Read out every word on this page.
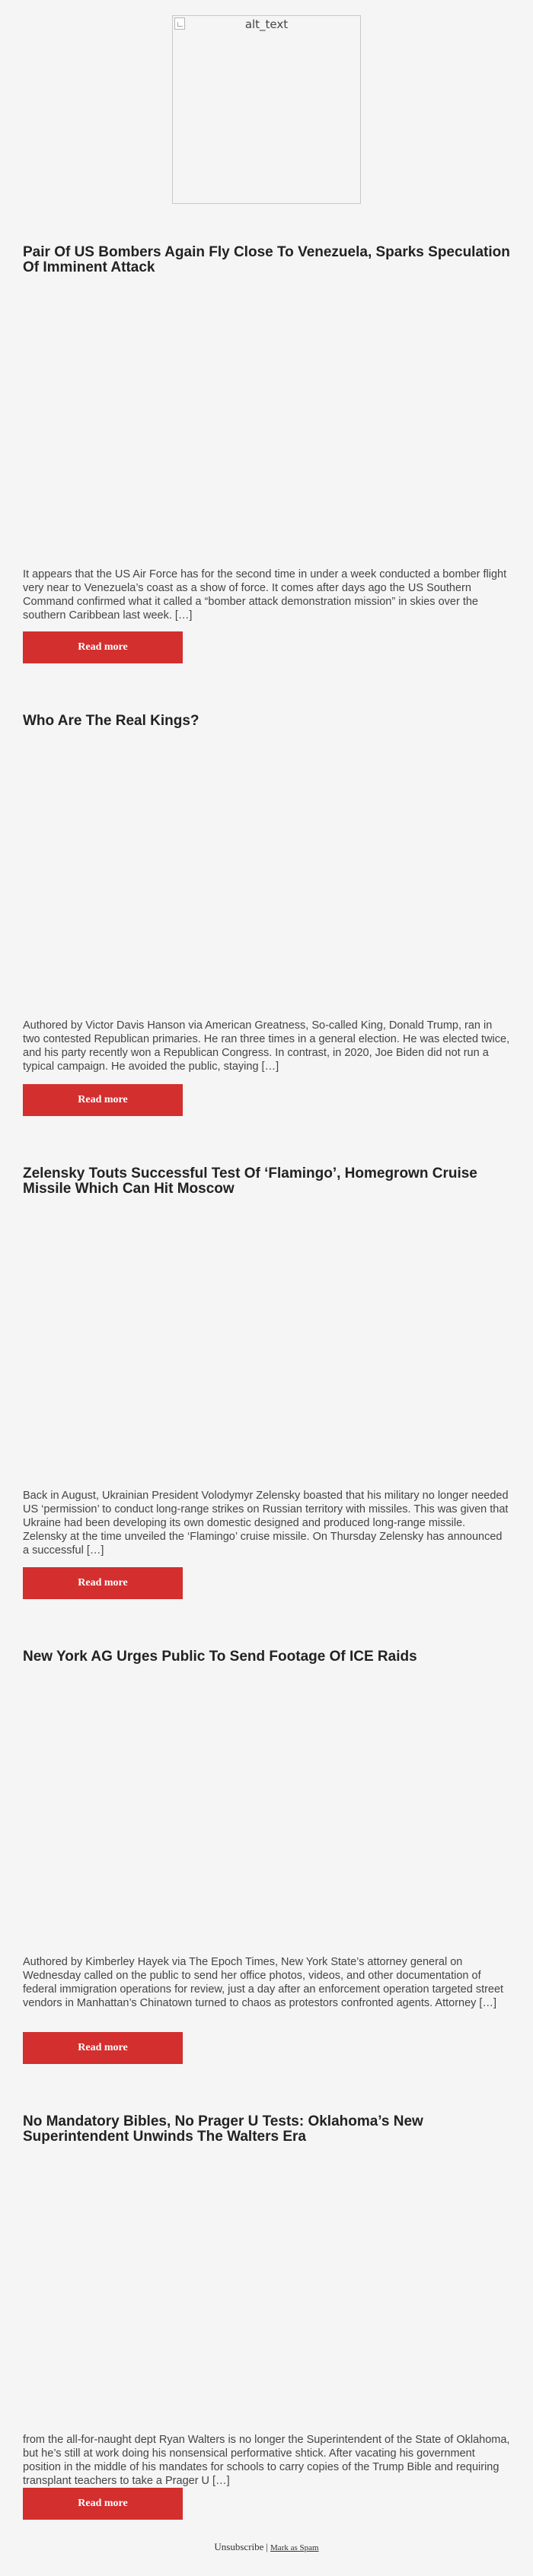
alt_text
Pair Of US Bombers Again Fly Close To Venezuela, Sparks Speculation Of Imminent Attack

It appears that the US Air Force has for the second time in under a week conducted a bomber flight very near to Venezuela’s coast as a show of force. It comes after days ago the US Southern Command confirmed what it called a “bomber attack demonstration mission” in skies over the southern Caribbean last week. […]

Read more
Who Are The Real Kings?

Authored by Victor Davis Hanson via American Greatness, So-called King, Donald Trump, ran in two contested Republican primaries. He ran three times in a general election. He was elected twice, and his party recently won a Republican Congress. In contrast, in 2020, Joe Biden did not run a typical campaign. He avoided the public, staying […]

Read more
Zelensky Touts Successful Test Of ‘Flamingo’, Homegrown Cruise Missile Which Can Hit Moscow

Back in August, Ukrainian President Volodymyr Zelensky boasted that his military no longer needed US ‘permission’ to conduct long-range strikes on Russian territory with missiles. This was given that Ukraine had been developing its own domestic designed and produced long-range missile. Zelensky at the time unveiled the ‘Flamingo’ cruise missile. On Thursday Zelensky has announced a successful […]

Read more
New York AG Urges Public To Send Footage Of ICE Raids

Authored by Kimberley Hayek via The Epoch Times, New York State’s attorney general on Wednesday called on the public to send her office photos, videos, and other documentation of federal immigration operations for review, just a day after an enforcement operation targeted street vendors in Manhattan’s Chinatown turned to chaos as protestors confronted agents. Attorney […]

Read more
No Mandatory Bibles, No Prager U Tests: Oklahoma’s New Superintendent Unwinds The Walters Era

from the all-for-naught dept Ryan Walters is no longer the Superintendent of the State of Oklahoma, but he’s still at work doing his nonsensical performative shtick. After vacating his government position in the middle of his mandates for schools to carry copies of the Trump Bible and requiring transplant teachers to take a Prager U […]

Read more
Unsubscribe | Mark as Spam
